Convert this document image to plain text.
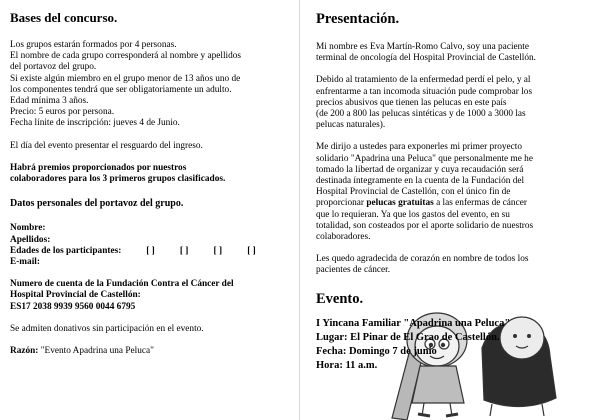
Bases del concurso.

Los grupos estarán formados por 4 personas.
El nombre de cada grupo corresponderá al nombre y apellidos
del portavoz del grupo.
Si existe algún miembro en el grupo menor de 13 años uno de
los componentes tendrá que ser obligatoriamente un adulto.
Edad mínima 3 años.
Precio: 5 euros por persona.
Fecha línite de inscripción: jueves 4 de Junio.

El día del evento presentar el resguardo del ingreso.

Habrá premios proporcionados por nuestros
colaboradores para los 3 primeros grupos clasificados.

Datos personales del portavoz del grupo.

Nombre:
Apellidos:
Edades de los participantes:	[ ]	[ ]	[ ]	[ ]
E-mail:

Numero de cuenta de la Fundación Contra el Cáncer del
Hospital Provincial de Castellón:
ES17 2038 9939 9560 0044 6795

Se admiten donativos sin participación en el evento.

Razón: "Evento Apadrina una Peluca"

Presentación.

Mi nombre es Eva Martín-Romo Calvo, soy una paciente
terminal de oncología del Hospital Provincial de Castellón.

Debido al tratamiento de la enfermedad perdí el pelo, y al
enfrentarme a tan incomoda situación pude comprobar los
precios abusivos que tienen las pelucas en este país
(de 200 a 800 las pelucas sintéticas y de 1000 a 3000 las
pelucas naturales).

Me dirijo a ustedes para exponerles mi primer proyecto
solidario "Apadrina una Peluca" que personalmente me he
tomado la libertad de organizar y cuya recaudación será
destinada íntegramente en la cuenta de la Fundación del
Hospital Provincial de Castellón, con el único fin de
proporcionar pelucas gratuitas a las enfermas de cáncer
que lo requieran. Ya que los gastos del evento, en su
totalidad, son costeados por el aporte solidario de nuestros
colaboradores.

Les quedo agradecida de corazón en nombre de todos los
pacientes de cáncer.

Evento.

I Yincana Familiar "Apadrina una Peluca"
Lugar: El Pinar de El Grao de Castellón.
Fecha: Domingo 7 de junio
Hora: 11 a.m.
